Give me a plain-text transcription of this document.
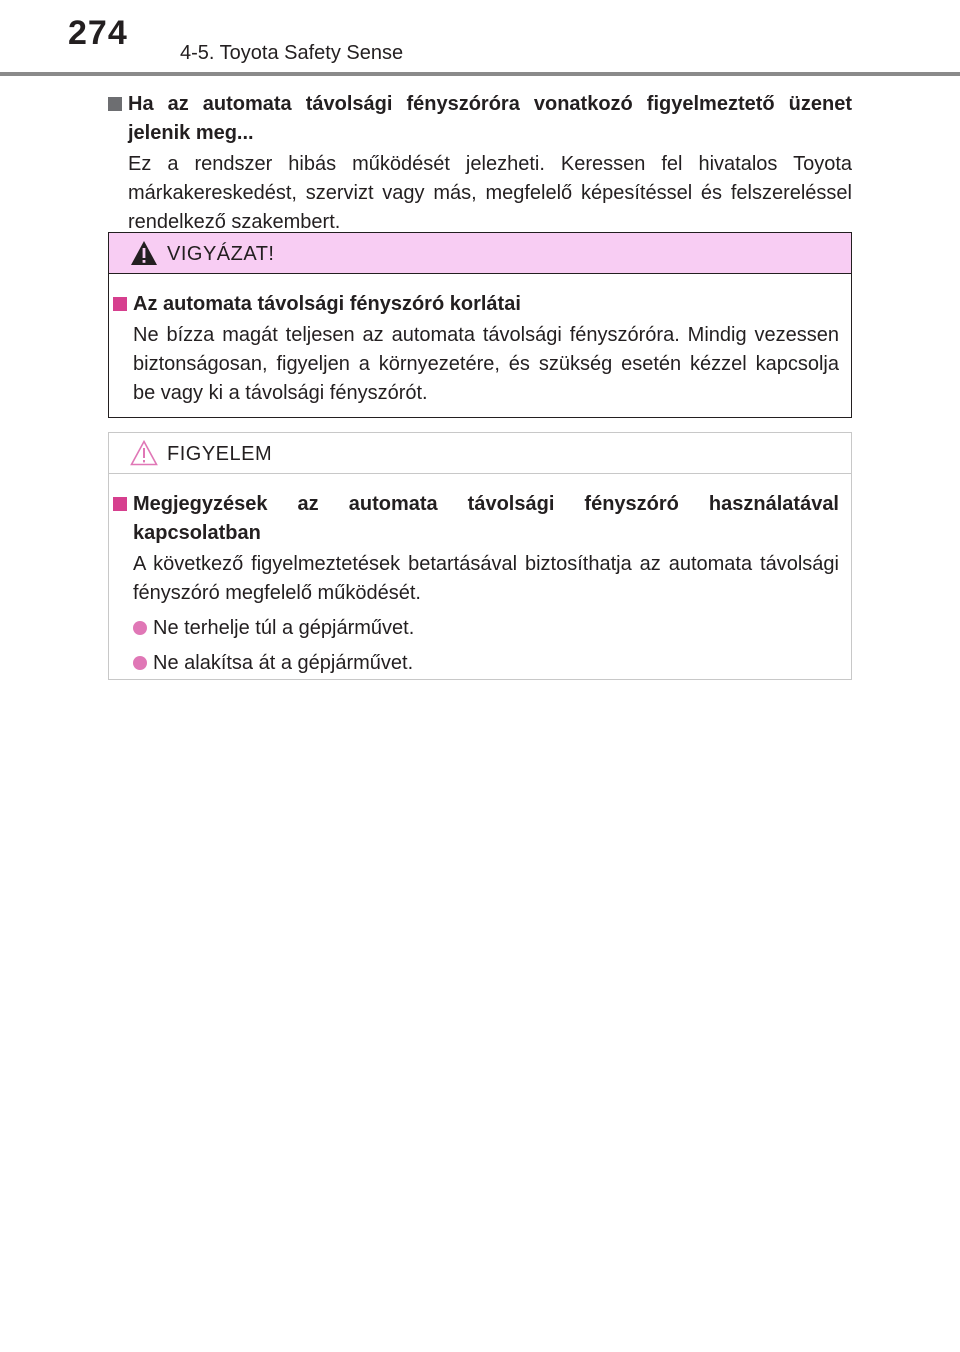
274
4-5. Toyota Safety Sense
Ha az automata távolsági fényszóróra vonatkozó figyelmeztető üzenet jelenik meg...
Ez a rendszer hibás működését jelezheti. Keressen fel hivatalos Toyota márkakereskedést, szervizt vagy más, megfelelő képesítéssel és felszereléssel rendelkező szakembert.
VIGYÁZAT!
Az automata távolsági fényszóró korlátai
Ne bízza magát teljesen az automata távolsági fényszóróra. Mindig vezessen biztonságosan, figyeljen a környezetére, és szükség esetén kézzel kapcsolja be vagy ki a távolsági fényszórót.
FIGYELEM
Megjegyzések az automata távolsági fényszóró használatával kapcsolatban
A következő figyelmeztetések betartásával biztosíthatja az automata távolsági fényszóró megfelelő működését.
Ne terhelje túl a gépjárművet.
Ne alakítsa át a gépjárművet.
